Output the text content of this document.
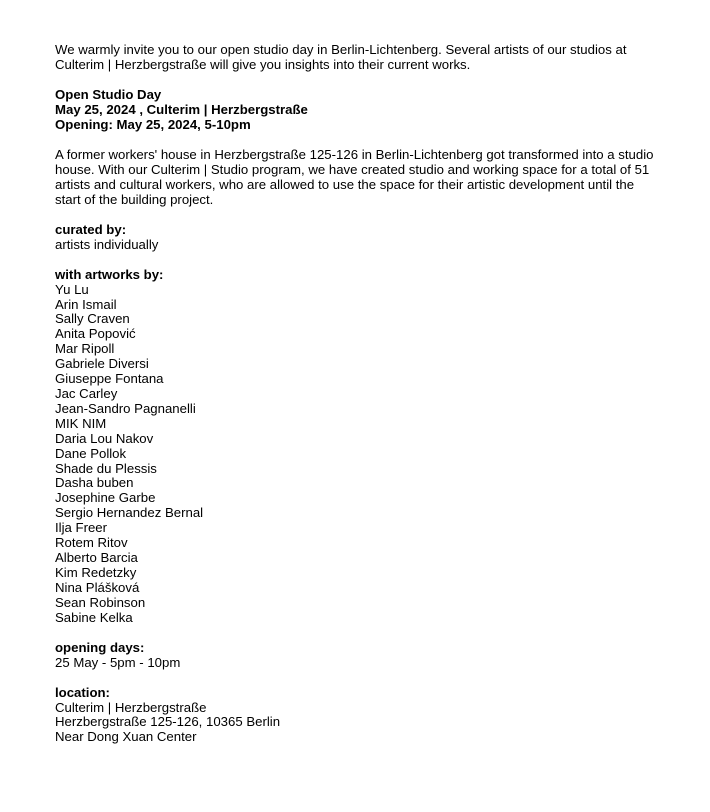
We warmly invite you to our open studio day in Berlin-Lichtenberg. Several artists of our studios at Culterim | Herzbergstraße will give you insights into their current works.

Open Studio Day
May 25, 2024 , Culterim | Herzbergstraße
Opening: May 25, 2024, 5-10pm

A former workers' house in Herzbergstraße 125-126 in Berlin-Lichtenberg got transformed into a studio house. With our Culterim | Studio program, we have created studio and working space for a total of 51 artists and cultural workers, who are allowed to use the space for their artistic development until the start of the building project.

curated by:
artists individually
with artworks by:
Yu Lu
Arin Ismail
Sally Craven
Anita Popović
Mar Ripoll
Gabriele Diversi
Giuseppe Fontana
Jac Carley
Jean-Sandro Pagnanelli
MIK NIM
Daria Lou Nakov
Dane Pollok
Shade du Plessis
Dasha buben
Josephine Garbe
Sergio Hernandez Bernal
Ilja Freer
Rotem Ritov
Alberto Barcia
Kim Redetzky
Nina Plášková
Sean Robinson
Sabine Kelka
opening days:
25 May - 5pm - 10pm
location:
Culterim | Herzbergstraße
Herzbergstraße 125-126, 10365 Berlin
Near Dong Xuan Center
